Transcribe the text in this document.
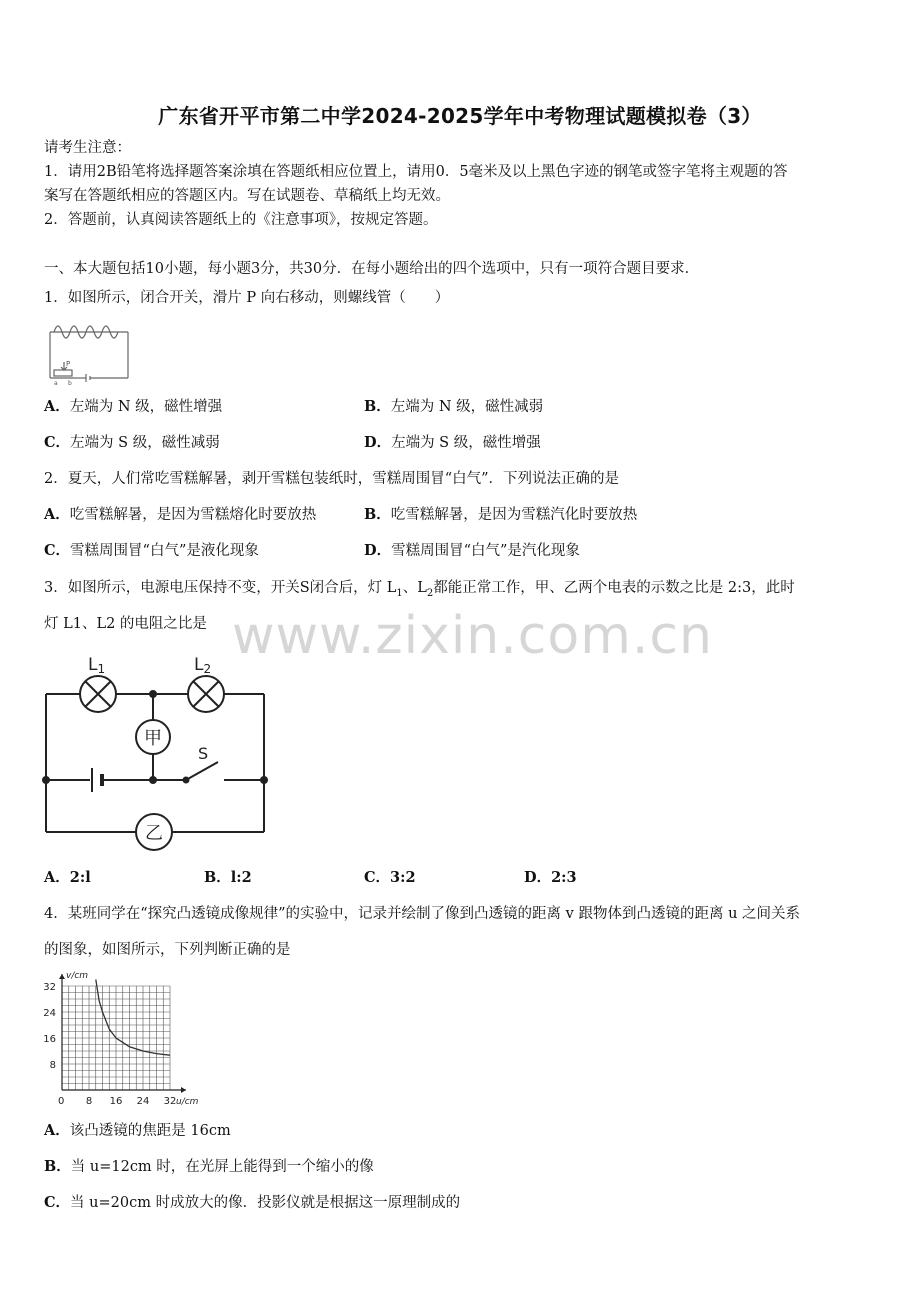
广东省开平市第二中学2024-2025学年中考物理试题模拟卷（3）
请考生注意：
1．请用2B铅笔将选择题答案涂填在答题纸相应位置上，请用0．5毫米及以上黑色字迹的钢笔或签字笔将主观题的答
案写在答题纸相应的答题区内。写在试题卷、草稿纸上均无效。
2．答题前，认真阅读答题纸上的《注意事项》，按规定答题。
一、本大题包括10小题，每小题3分，共30分．在每小题给出的四个选项中，只有一项符合题目要求．
1．如图所示，闭合开关，滑片 P 向右移动，则螺线管（　　）
P
a b
A．左端为 N 级，磁性增强	B．左端为 N 级，磁性减弱
C．左端为 S 级，磁性减弱	D．左端为 S 级，磁性增强
2．夏天，人们常吃雪糕解暑，剥开雪糕包装纸时，雪糕周围冒“白气”．下列说法正确的是
A．吃雪糕解暑，是因为雪糕熔化时要放热	B．吃雪糕解暑，是因为雪糕汽化时要放热
C．雪糕周围冒“白气”是液化现象	D．雪糕周围冒“白气”是汽化现象
3．如图所示，电源电压保持不变，开关S闭合后，灯 $L_1$、$L_2$都能正常工作，甲、乙两个电表的示数之比是 2:3，此时
灯 L1、L2 的电阻之比是 www.zixin.com.cn
甲
乙
L1	L2
S
A．2:l	B．l:2	C．3:2	D．2:3
4．某班同学在“探究凸透镜成像规律”的实验中，记录并绘制了像到凸透镜的距离 v 跟物体到凸透镜的距离 u 之间关系
的图象，如图所示，下列判断正确的是
8 16 24 32
8
16
24
32
v/cm
u/cm
0
A．该凸透镜的焦距是 16cm
B．当 u=12cm 时，在光屏上能得到一个缩小的像
C．当 u=20cm 时成放大的像．投影仪就是根据这一原理制成的
